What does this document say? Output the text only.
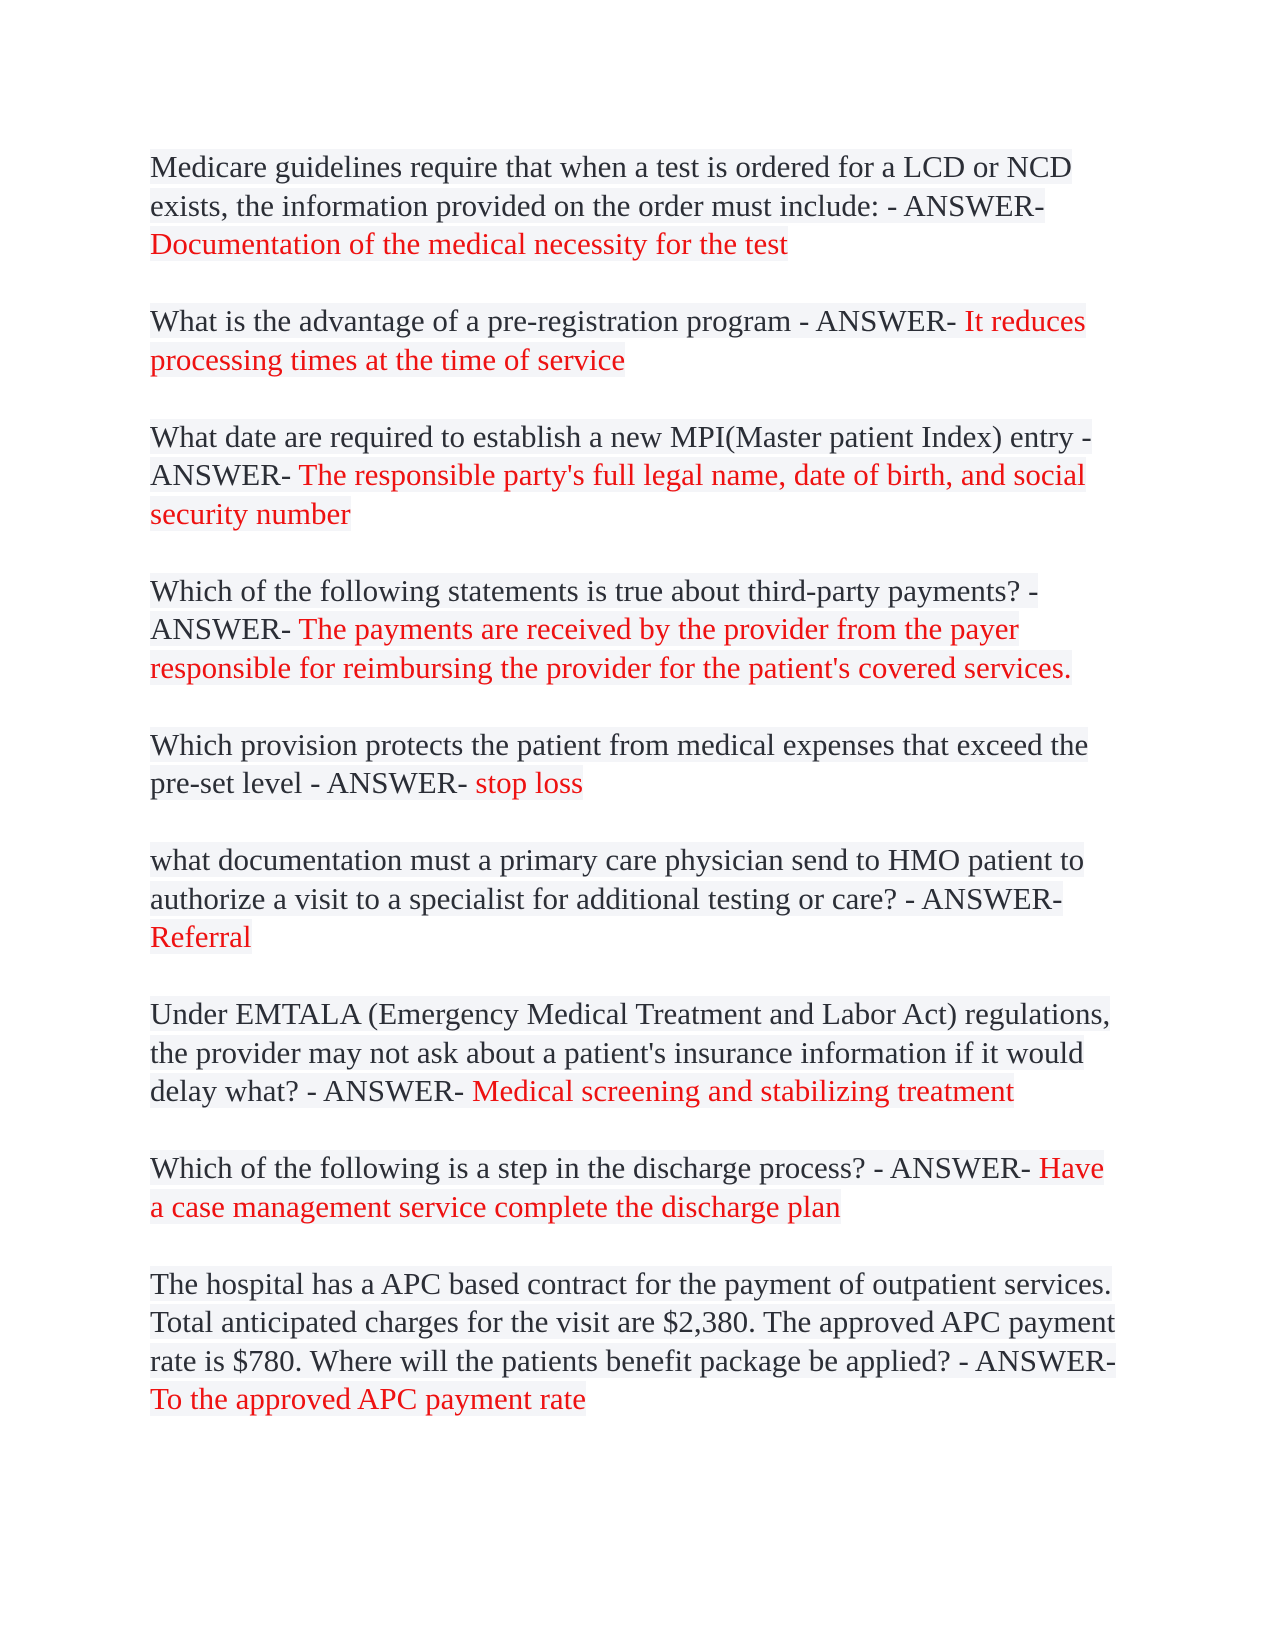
Medicare guidelines require that when a test is ordered for a LCD or NCD exists, the information provided on the order must include: - ANSWER- Documentation of the medical necessity for the test

What is the advantage of a pre-registration program - ANSWER- It reduces processing times at the time of service

What date are required to establish a new MPI(Master patient Index) entry - ANSWER- The responsible party's full legal name, date of birth, and social security number

Which of the following statements is true about third-party payments? - ANSWER- The payments are received by the provider from the payer responsible for reimbursing the provider for the patient's covered services.

Which provision protects the patient from medical expenses that exceed the pre-set level - ANSWER- stop loss

what documentation must a primary care physician send to HMO patient to authorize a visit to a specialist for additional testing or care? - ANSWER- Referral

Under EMTALA (Emergency Medical Treatment and Labor Act) regulations, the provider may not ask about a patient's insurance information if it would delay what? - ANSWER- Medical screening and stabilizing treatment

Which of the following is a step in the discharge process? - ANSWER- Have a case management service complete the discharge plan

The hospital has a APC based contract for the payment of outpatient services. Total anticipated charges for the visit are $2,380. The approved APC payment rate is $780. Where will the patients benefit package be applied? - ANSWER- To the approved APC payment rate
